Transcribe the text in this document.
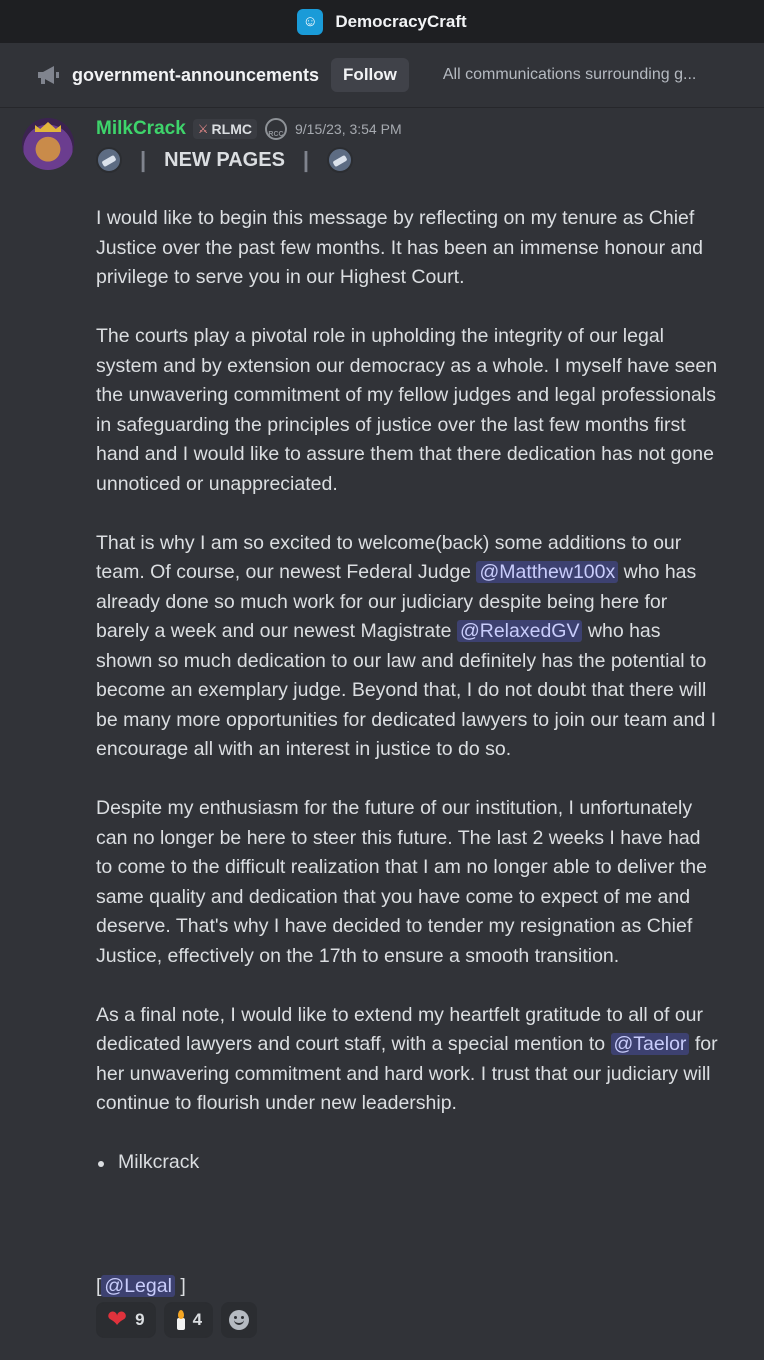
☺	DemocracyCraft
government-announcements	Follow	All communications surrounding g...
MilkCrack ⚔ RLMC	RCC 9/15/23, 3:54 PM
| NEW PAGES |

I would like to begin this message by reflecting on my tenure as Chief Justice over the past few months. It has been an immense honour and privilege to serve you in our Highest Court.

The courts play a pivotal role in upholding the integrity of our legal system and by extension our democracy as a whole. I myself have seen the unwavering commitment of my fellow judges and legal professionals in safeguarding the principles of justice over the last few months first hand and I would like to assure them that there dedication has not gone unnoticed or unappreciated.

That is why I am so excited to welcome(back) some additions to our team. Of course, our newest Federal Judge @Matthew100x who has already done so much work for our judiciary despite being here for barely a week and our newest Magistrate @RelaxedGV who has shown so much dedication to our law and definitely has the potential to become an exemplary judge. Beyond that, I do not doubt that there will be many more opportunities for dedicated lawyers to join our team and I encourage all with an interest in justice to do so.

Despite my enthusiasm for the future of our institution, I unfortunately can no longer be here to steer this future. The last 2 weeks I have had to come to the difficult realization that I am no longer able to deliver the same quality and dedication that you have come to expect of me and deserve. That's why I have decided to tender my resignation as Chief Justice, effectively on the 17th to ensure a smooth transition.

As a final note, I would like to extend my heartfelt gratitude to all of our dedicated lawyers and court staff, with a special mention to @Taelor for her unwavering commitment and hard work. I trust that our judiciary will continue to flourish under new leadership.

Milkcrack

[ @Legal ]
❤ 9	4
